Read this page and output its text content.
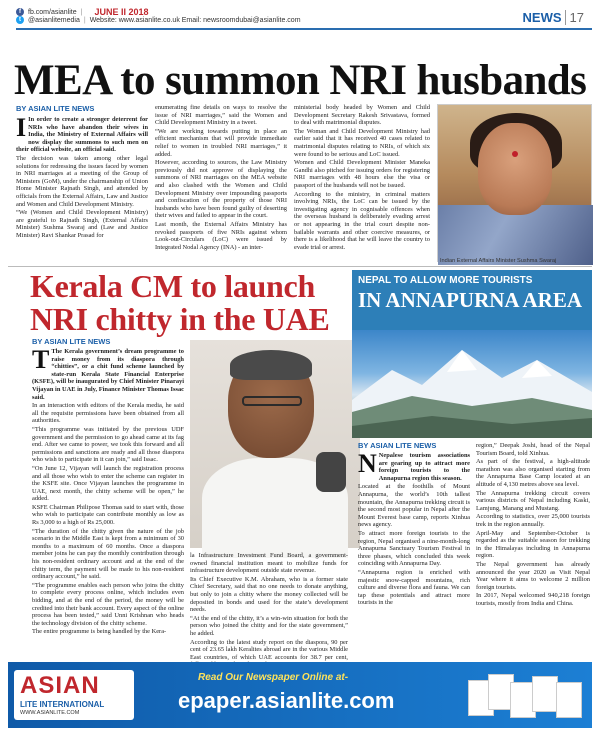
f	fb.com/asianlite | JUNE II 2018
t	@asianlitemedia | Website: www.asianlite.co.uk Email: newsroomdubai@asianlite.com	NEWS 17
MEA to summon NRI husbands
BY ASIAN LITE NEWS
I In order to create a stronger deterrent for NRIs who have abandon their wives in India, the Ministry of External Affairs will now display the summons to such men on their official website, an official said.

The decision was taken among other legal solutions for redressing the issues faced by women in NRI marriages at a meeting of the Group of Ministers (GoM), under the chairmanship of Union Home Minister Rajnath Singh, and attended by officials from the External Affairs, Law and Justice and Women and Child Development Ministry.

“We (Women and Child Development Ministry) are grateful to Rajnath Singh, (External Affairs Minister) Sushma Swaraj and (Law and Justice Minister) Ravi Shankar Prasad for

enumerating fine details on ways to resolve the issue of NRI marriages,” said the Women and Child Development Ministry in a tweet.

“We are working towards putting in place an efficient mechanism that will provide immediate relief to women in troubled NRI marriages,” it added.

However, according to sources, the Law Ministry previously did not approve of displaying the summons of NRI marriages on the MEA website and also clashed with the Women and Child Development Ministry over impounding passports and confiscation of the property of those NRI husbands who have been found guilty of deserting their wives and failed to appear in the court.

Last month, the External Affairs Ministry has revoked passports of five NRIs against whom Look-out-Circulars (LoC) were issued by Integrated Nodal Agency (INA) - an inter-

ministerial body headed by Women and Child Development Secretary Rakesh Srivastava, formed to deal with matrimonial disputes.

The Woman and Child Development Ministry had earlier said that it has received 40 cases related to matrimonial disputes relating to NRIs, of which six were found to be serious and LoC issued.

Women and Child Development Minister Maneka Gandhi also pitched for issuing orders for registering NRI marriages with 48 hours else the visa or passport of the husbands will not be issued.

According to the ministry, in criminal matters involving NRIs, the LoC can be issued by the investigating agency in cognisable offences when the overseas husband is deliberately evading arrest or not appearing in the trial court despite non-bailable warrants and other coercive measures, or there is a likelihood that he will leave the country to evade trial or arrest.

Indian External Affairs Minister Sushma Swaraj
Kerala CM to launch NRI chitty in the UAE
BY ASIAN LITE NEWS
T The Kerala government’s dream programme to raise money from its diaspora through “chitties”, or a chit fund scheme launched by state-run Kerala State Financial Enterprise (KSFE), will be inaugurated by Chief Minister Pinarayi Vijayan in UAE in July, Finance Minister Thomas Issac said.

In an interaction with editors of the Kerala media, he said all the requisite permissions have been obtained from all authorities.

“This programme was initiated by the previous UDF government and the permission to go ahead came at its fag end. After we came to power, we took this forward and all permissions and sanctions are ready and all those diaspora who wish to participate in it can join,” said Issac.

“On June 12, Vijayan will launch the registration process and all those who wish to enter the scheme can register in the KSFE site. Once Vijayan launches the programme in UAE, next month, the chitty scheme will be open,” he added.

KSFE Chairman Philipose Thomas said to start with, those who wish to participate can contribute monthly as low as Rs 3,000 to a high of Rs 25,000.

“The duration of the chitty given the nature of the job scenario in the Middle East is kept from a minimum of 30 months to a maximum of 60 months. Once a diaspora member joins he can pay the monthly contribution through his non-resident ordinary account and at the end of the chitty term, the payment will be made to his non-resident ordinary account,” he said.

“The programme enables each person who joins the chitty to complete every process online, which includes even bidding, and at the end of the period, the money will be credited into their bank account. Every aspect of the online process has been tested,” said Unni Krishnan who heads the technology division of the chitty scheme.

The entire programme is being handled by the Kera-

la Infrastructure Investment Fund Board, a government-owned financial institution meant to mobilize funds for infrastructure development outside state revenue.

Its Chief Executive K.M. Abraham, who is a former state Chief Secretary, said that no one needs to donate anything, but only to join a chitty where the money collected will be deposited in bonds and used for the state’s development needs.

“At the end of the chitty, it’s a win-win situation for both the person who joined the chitty and for the state government,” he added.

According to the latest study report on the diaspora, 90 per cent of 23.65 lakh Keralites abroad are in the various Middle East countries, of which UAE accounts for 38.7 per cent,

NEPAL TO ALLOW MORE TOURISTS
IN ANNAPURNA AREA
BY ASIAN LITE NEWS
N Nepalese tourism associations are gearing up to attract more foreign tourists to the Annapurna region this season.

Located at the foothills of Mount Annapurna, the world’s 10th tallest mountain, the Annapurna trekking circuit is the second most popular in Nepal after the Mount Everest base camp, reports Xinhua news agency.

To attract more foreign tourists to the region, Nepal organised a nine-month-long Annapurna Sanctuary Tourism Festival in three phases, which concluded this week coinciding with Annapurna Day.

“Annapurna region is enriched with majestic snow-capped mountains, rich culture and diverse flora and fauna. We can tap these potentials and attract more tourists in the

region,” Deepak Joshi, head of the Nepal Tourism Board, told Xinhua.

As part of the festival, a high-altitude marathon was also organised starting from the Annapurna Base Camp located at an altitude of 4,130 metres above sea level.

The Annapurna trekking circuit covers various districts of Nepal including Kaski, Lamjung, Manang and Mustang.

According to statistics, over 25,000 tourists trek in the region annually.

April-May and September-October is regarded as the suitable season for trekking in the Himalayas including in Annapurna region.

The Nepal government has already announced the year 2020 as Visit Nepal Year where it aims to welcome 2 million foreign tourists.

In 2017, Nepal welcomed 940,218 foreign tourists, mostly from India and China.

ASIAN
LITE INTERNATIONAL
WWW.ASIANLITE.COM
Read Our Newspaper Online at-
epaper.asianlite.com
